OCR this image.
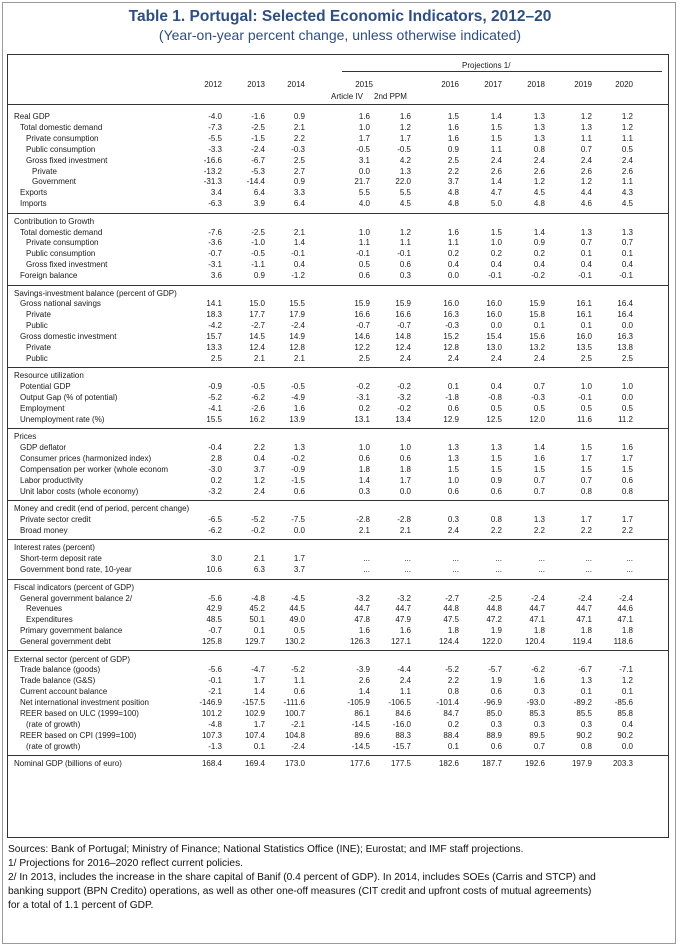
Table 1. Portugal: Selected Economic Indicators, 2012–20
(Year-on-year percent change, unless otherwise indicated)
Projections 1/
2012	2013	2014	2015	2016	2017	2018	2019	2020
Article IV 2nd PPM
Real GDP	-4.0	-1.6	0.9	1.6	1.6	1.5	1.4	1.3	1.2	1.2
Total domestic demand	-7.3	-2.5	2.1	1.0	1.2	1.6	1.5	1.3	1.3	1.2
Private consumption	-5.5	-1.5	2.2	1.7	1.7	1.6	1.5	1.3	1.1	1.1
Public consumption	-3.3	-2.4	-0.3	-0.5	-0.5	0.9	1.1	0.8	0.7	0.5
Gross fixed investment	-16.6	-6.7	2.5	3.1	4.2	2.5	2.4	2.4	2.4	2.4
Private	-13.2	-5.3	2.7	0.0	1.3	2.2	2.6	2.6	2.6	2.6
Government	-31.3	-14.4	0.9	21.7	22.0	3.7	1.4	1.2	1.2	1.1
Exports	3.4	6.4	3.3	5.5	5.5	4.8	4.7	4.5	4.4	4.3
Imports	-6.3	3.9	6.4	4.0	4.5	4.8	5.0	4.8	4.6	4.5
Contribution to Growth
Total domestic demand	-7.6	-2.5	2.1	1.0	1.2	1.6	1.5	1.4	1.3	1.3
Private consumption	-3.6	-1.0	1.4	1.1	1.1	1.1	1.0	0.9	0.7	0.7
Public consumption	-0.7	-0.5	-0.1	-0.1	-0.1	0.2	0.2	0.2	0.1	0.1
Gross fixed investment	-3.1	-1.1	0.4	0.5	0.6	0.4	0.4	0.4	0.4	0.4
Foreign balance	3.6	0.9	-1.2	0.6	0.3	0.0	-0.1	-0.2	-0.1	-0.1
Savings-investment balance (percent of GDP)
Gross national savings	14.1	15.0	15.5	15.9	15.9	16.0	16.0	15.9	16.1	16.4
Private	18.3	17.7	17.9	16.6	16.6	16.3	16.0	15.8	16.1	16.4
Public	-4.2	-2.7	-2.4	-0.7	-0.7	-0.3	0.0	0.1	0.1	0.0
Gross domestic investment	15.7	14.5	14.9	14.6	14.8	15.2	15.4	15.6	16.0	16.3
Private	13.3	12.4	12.8	12.2	12.4	12.8	13.0	13.2	13.5	13.8
Public	2.5	2.1	2.1	2.5	2.4	2.4	2.4	2.4	2.5	2.5
Resource utilization
Potential GDP	-0.9	-0.5	-0.5	-0.2	-0.2	0.1	0.4	0.7	1.0	1.0
Output Gap (% of potential)	-5.2	-6.2	-4.9	-3.1	-3.2	-1.8	-0.8	-0.3	-0.1	0.0
Employment	-4.1	-2.6	1.6	0.2	-0.2	0.6	0.5	0.5	0.5	0.5
Unemployment rate (%)	15.5	16.2	13.9	13.1	13.4	12.9	12.5	12.0	11.6	11.2
Prices
GDP deflator	-0.4	2.2	1.3	1.0	1.0	1.3	1.3	1.4	1.5	1.6
Consumer prices (harmonized index)	2.8	0.4	-0.2	0.6	0.6	1.3	1.5	1.6	1.7	1.7
Compensation per worker (whole econom	-3.0	3.7	-0.9	1.8	1.8	1.5	1.5	1.5	1.5	1.5
Labor productivity	0.2	1.2	-1.5	1.4	1.7	1.0	0.9	0.7	0.7	0.6
Unit labor costs (whole economy)	-3.2	2.4	0.6	0.3	0.0	0.6	0.6	0.7	0.8	0.8
Money and credit (end of period, percent change)
Private sector credit	-6.5	-5.2	-7.5	-2.8	-2.8	0.3	0.8	1.3	1.7	1.7
Broad money	-6.2	-0.2	0.0	2.1	2.1	2.4	2.2	2.2	2.2	2.2
Interest rates (percent)
Short-term deposit rate	3.0	2.1	1.7	...	...	...	...	...	...	...
Government bond rate, 10-year	10.6	6.3	3.7	...	...	...	...	...	...	...
Fiscal indicators (percent of GDP)
General government balance 2/	-5.6	-4.8	-4.5	-3.2	-3.2	-2.7	-2.5	-2.4	-2.4	-2.4
Revenues	42.9	45.2	44.5	44.7	44.7	44.8	44.8	44.7	44.7	44.6
Expenditures	48.5	50.1	49.0	47.8	47.9	47.5	47.2	47.1	47.1	47.1
Primary government balance	-0.7	0.1	0.5	1.6	1.6	1.8	1.9	1.8	1.8	1.8
General government debt	125.8	129.7	130.2	126.3	127.1	124.4	122.0	120.4	119.4	118.6
External sector (percent of GDP)
Trade balance (goods)	-5.6	-4.7	-5.2	-3.9	-4.4	-5.2	-5.7	-6.2	-6.7	-7.1
Trade balance (G&S)	-0.1	1.7	1.1	2.6	2.4	2.2	1.9	1.6	1.3	1.2
Current account balance	-2.1	1.4	0.6	1.4	1.1	0.8	0.6	0.3	0.1	0.1
Net international investment position	-146.9	-157.5	-111.6	-105.9	-106.5	-101.4	-96.9	-93.0	-89.2	-85.6
REER based on ULC (1999=100)	101.2	102.9	100.7	86.1	84.6	84.7	85.0	85.3	85.5	85.8
(rate of growth)	-4.8	1.7	-2.1	-14.5	-16.0	0.2	0.3	0.3	0.3	0.4
REER based on CPI (1999=100)	107.3	107.4	104.8	89.6	88.3	88.4	88.9	89.5	90.2	90.2
(rate of growth)	-1.3	0.1	-2.4	-14.5	-15.7	0.1	0.6	0.7	0.8	0.0
Nominal GDP (billions of euro)	168.4	169.4	173.0	177.6	177.5	182.6	187.7	192.6	197.9	203.3
Sources: Bank of Portugal; Ministry of Finance; National Statistics Office (INE); Eurostat; and IMF staff projections.
1/ Projections for 2016–2020 reflect current policies.
2/ In 2013, includes the increase in the share capital of Banif (0.4 percent of GDP). In 2014, includes SOEs (Carris and STCP) and
banking support (BPN Credito) operations, as well as other one-off measures (CIT credit and upfront costs of mutual agreements)
for a total of 1.1 percent of GDP.
